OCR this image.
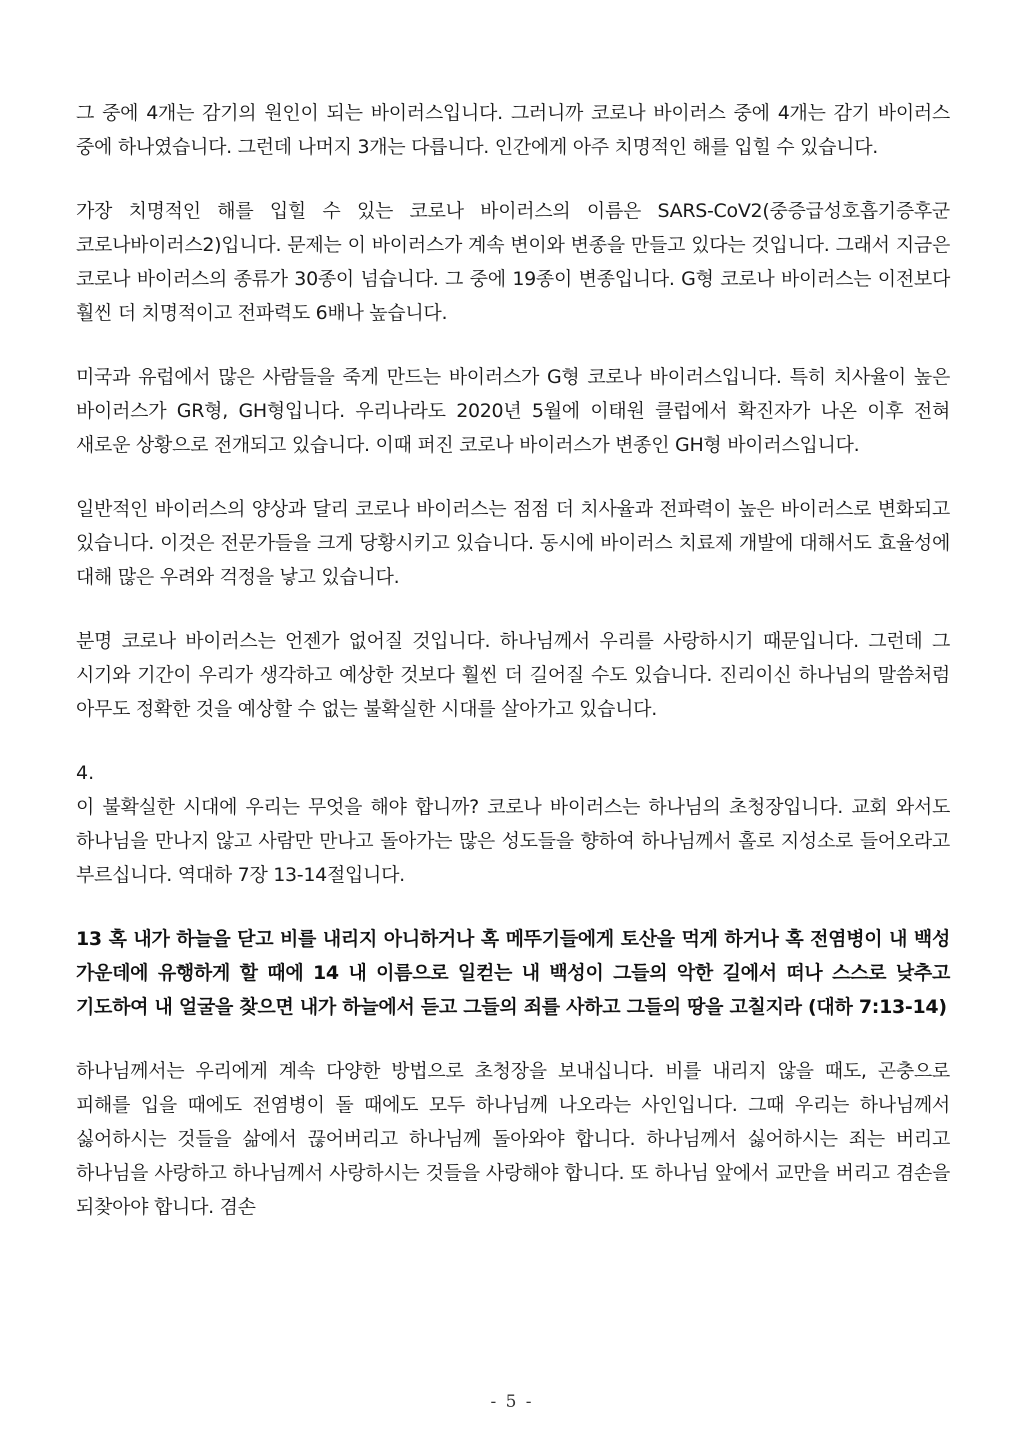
그 중에 4개는 감기의 원인이 되는 바이러스입니다. 그러니까 코로나 바이러스 중에 4개는 감기 바이러스 중에 하나였습니다. 그런데 나머지 3개는 다릅니다. 인간에게 아주 치명적인 해를 입힐 수 있습니다.

가장 치명적인 해를 입힐 수 있는 코로나 바이러스의 이름은 SARS-CoV2(중증급성호흡기증후군 코로나바이러스2)입니다. 문제는 이 바이러스가 계속 변이와 변종을 만들고 있다는 것입니다. 그래서 지금은 코로나 바이러스의 종류가 30종이 넘습니다. 그 중에 19종이 변종입니다. G형 코로나 바이러스는 이전보다 훨씬 더 치명적이고 전파력도 6배나 높습니다.

미국과 유럽에서 많은 사람들을 죽게 만드는 바이러스가 G형 코로나 바이러스입니다. 특히 치사율이 높은 바이러스가 GR형, GH형입니다. 우리나라도 2020년 5월에 이태원 클럽에서 확진자가 나온 이후 전혀 새로운 상황으로 전개되고 있습니다. 이때 퍼진 코로나 바이러스가 변종인 GH형 바이러스입니다.

일반적인 바이러스의 양상과 달리 코로나 바이러스는 점점 더 치사율과 전파력이 높은 바이러스로 변화되고 있습니다. 이것은 전문가들을 크게 당황시키고 있습니다. 동시에 바이러스 치료제 개발에 대해서도 효율성에 대해 많은 우려와 걱정을 낳고 있습니다.

분명 코로나 바이러스는 언젠가 없어질 것입니다. 하나님께서 우리를 사랑하시기 때문입니다. 그런데 그 시기와 기간이 우리가 생각하고 예상한 것보다 훨씬 더 길어질 수도 있습니다. 진리이신 하나님의 말씀처럼 아무도 정확한 것을 예상할 수 없는 불확실한 시대를 살아가고 있습니다.

4.

이 불확실한 시대에 우리는 무엇을 해야 합니까? 코로나 바이러스는 하나님의 초청장입니다. 교회 와서도 하나님을 만나지 않고 사람만 만나고 돌아가는 많은 성도들을 향하여 하나님께서 홀로 지성소로 들어오라고 부르십니다. 역대하 7장 13-14절입니다.

13 혹 내가 하늘을 닫고 비를 내리지 아니하거나 혹 메뚜기들에게 토산을 먹게 하거나 혹 전염병이 내 백성 가운데에 유행하게 할 때에 14 내 이름으로 일컫는 내 백성이 그들의 악한 길에서 떠나 스스로 낮추고 기도하여 내 얼굴을 찾으면 내가 하늘에서 듣고 그들의 죄를 사하고 그들의 땅을 고칠지라 (대하 7:13-14)

하나님께서는 우리에게 계속 다양한 방법으로 초청장을 보내십니다. 비를 내리지 않을 때도, 곤충으로 피해를 입을 때에도 전염병이 돌 때에도 모두 하나님께 나오라는 사인입니다. 그때 우리는 하나님께서 싫어하시는 것들을 삶에서 끊어버리고 하나님께 돌아와야 합니다. 하나님께서 싫어하시는 죄는 버리고 하나님을 사랑하고 하나님께서 사랑하시는 것들을 사랑해야 합니다. 또 하나님 앞에서 교만을 버리고 겸손을 되찾아야 합니다. 겸손

- 5 -
